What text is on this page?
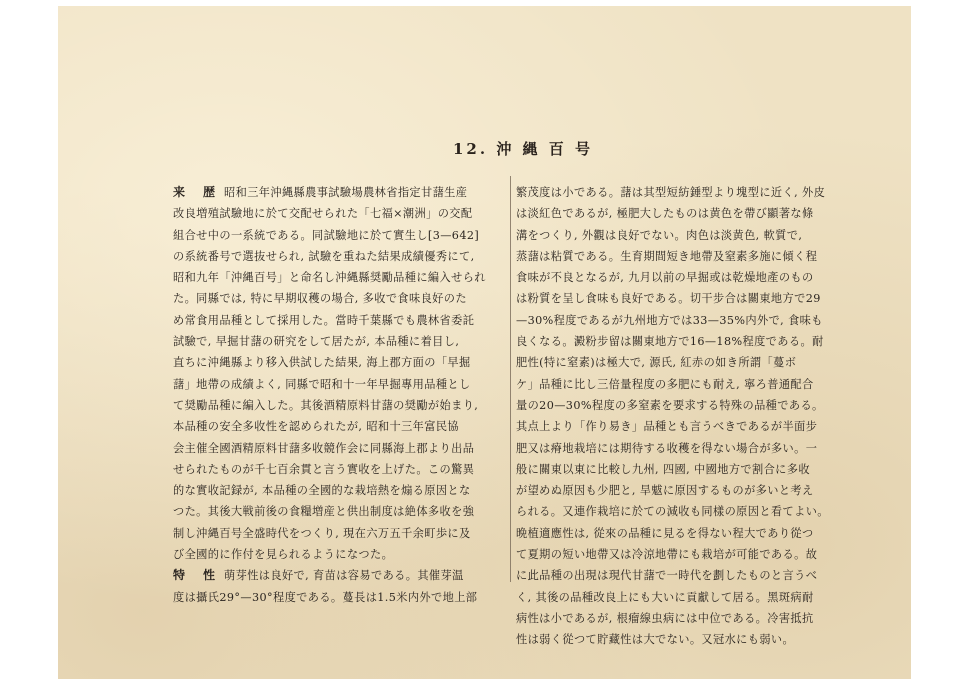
12. 沖 縄 百 号
来　歴 昭和三年沖縄縣農事試驗場農林省指定甘藷生産
改良増殖試驗地に於て交配せられた「七福×潮洲」の交配
組合せ中の一系統である。同試驗地に於て實生し[3—642]
の系統番号で選抜せられ, 試驗を重ねた結果成績優秀にて,
昭和九年「沖縄百号」と命名し沖縄縣奨勵品種に編入せられ
た。同縣では, 特に早期収穫の場合, 多收で食味良好のた
め常食用品種として採用した。當時千葉縣でも農林省委託
試驗で, 早掘甘藷の研究をして居たが, 本品種に着目し,
直ちに沖縄縣より移入供試した結果, 海上郡方面の「早掘
藷」地帶の成績よく, 同縣で昭和十一年早掘專用品種とし
て奨勵品種に編入した。其後酒精原料甘藷の奨勵が始まり,
本品種の安全多收性を認められたが, 昭和十三年富民協
会主催全國酒精原料甘藷多收競作会に同縣海上郡より出品
せられたものが千七百余貫と言う實收を上げた。この驚異
的な實收記録が, 本品種の全國的な栽培熱を煽る原因とな
つた。其後大戦前後の食糧増産と供出制度は絶体多收を強
制し沖縄百号全盛時代をつくり, 現在六万五千余町歩に及
び全國的に作付を見られるようになつた。
特　性 萌芽性は良好で, 育苗は容易である。其催芽温
度は攝氏29°—30°程度である。蔓長は1.5米内外で地上部
繁茂度は小である。藷は其型短紡錘型より塊型に近く, 外皮
は淡紅色であるが, 極肥大したものは黄色を帶び顯著な條
溝をつくり, 外觀は良好でない。肉色は淡黄色, 軟質で,
蒸藷は粘質である。生育期間短き地帶及窒素多施に傾く程
食味が不良となるが, 九月以前の早掘或は乾燥地產のもの
は粉質を呈し食味も良好である。切干步合は關東地方で29
—30%程度であるが九州地方では33—35%内外で, 食味も
良くなる。澱粉步留は關東地方で16—18%程度である。耐
肥性(特に窒素)は極大で, 源氏, 紅赤の如き所謂「蔓ボ
ケ」品種に比し三倍量程度の多肥にも耐え, 寧ろ普通配合
量の20—30%程度の多窒素を要求する特殊の品種である。
其点上より「作り易き」品種とも言うべきであるが半面步
肥又は瘠地栽培には期待する收穫を得ない場合が多い。一
般に關東以東に比較し九州, 四國, 中國地方で割合に多收
が望めぬ原因も少肥と, 旱魃に原因するものが多いと考え
られる。又連作栽培に於ての減收も同樣の原因と看てよい。
晩植適應性は, 從來の品種に見るを得ない程大であり從つ
て夏期の短い地帶又は冷涼地帶にも栽培が可能である。故
に此品種の出現は現代甘藷で一時代を劃したものと言うべ
く, 其後の品種改良上にも大いに貢獻して居る。黑斑病耐
病性は小であるが, 根瘤線虫病には中位である。冷害抵抗
性は弱く從つて貯藏性は大でない。又冠水にも弱い。
